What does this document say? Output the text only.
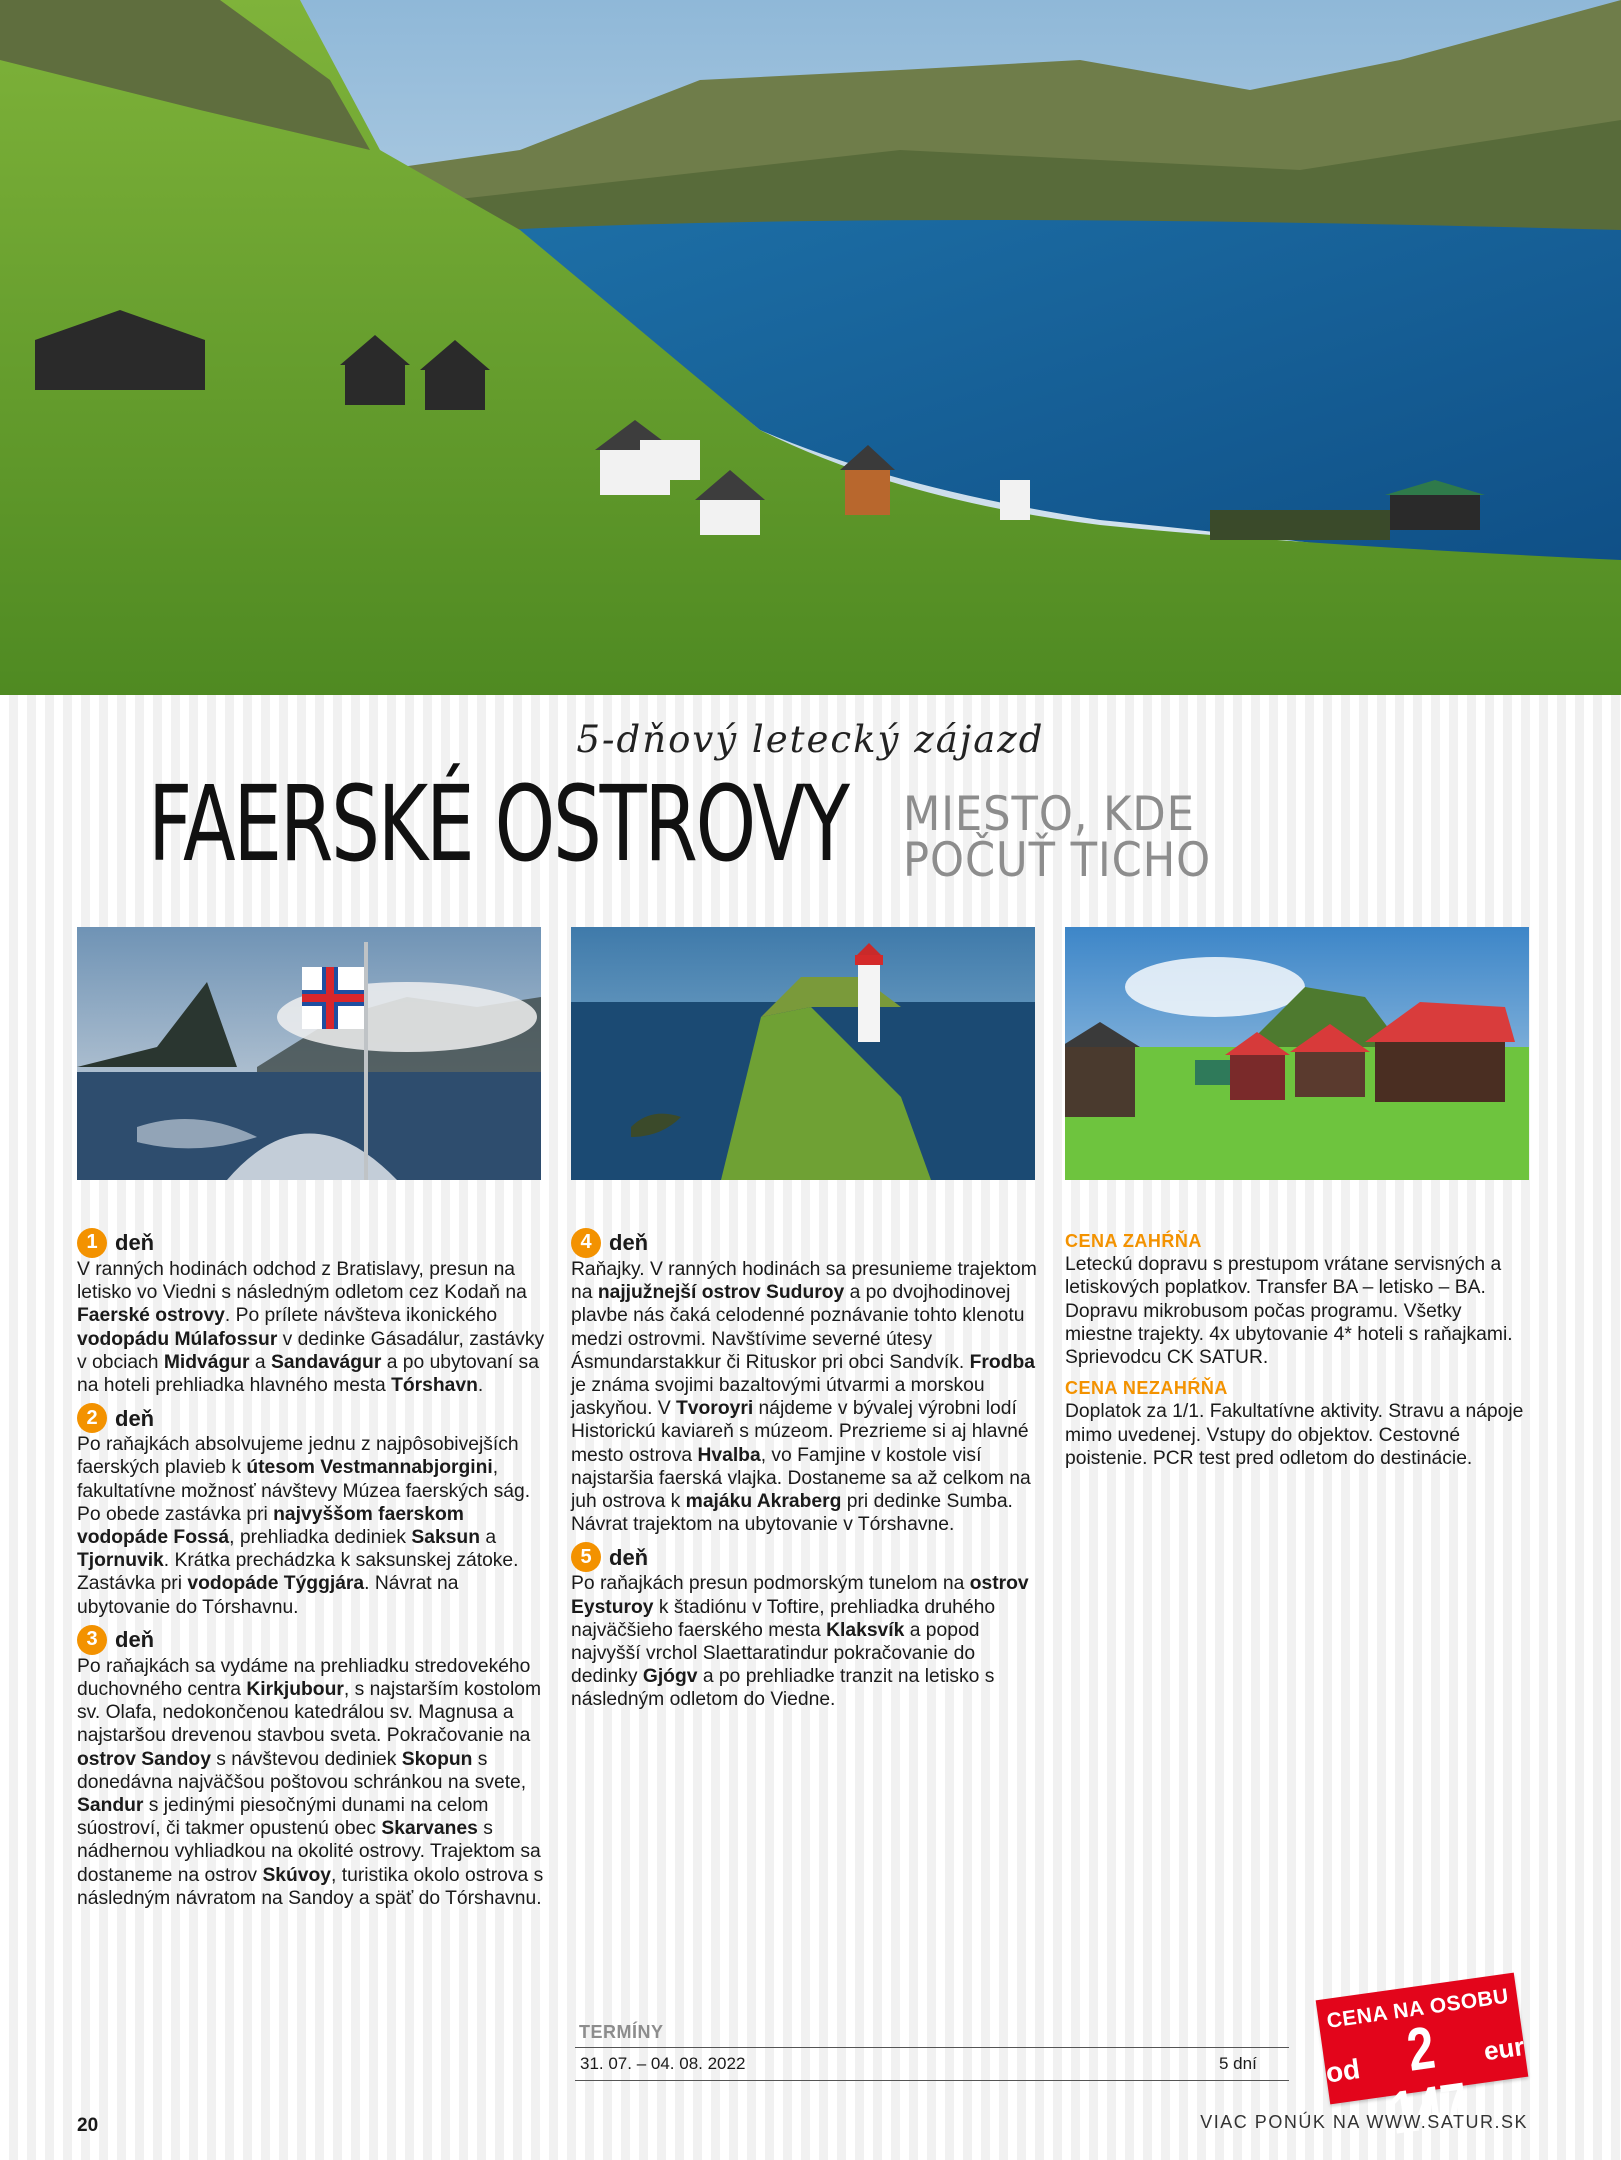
5-dňový letecký zájazd
FAERSKÉ OSTROVY MIESTO, KDE
POČUŤ TICHO
1 deň
V ranných hodinách odchod z Bratislavy, presun na letisko vo Viedni s následným odletom cez Kodaň na Faerské ostrovy. Po prílete návšteva ikonického vodopádu Múlafossur v dedinke Gásadálur, zastávky v obciach Midvágur a Sandavágur a po ubytovaní sa na hoteli prehliadka hlavného mesta Tórshavn.
2 deň
Po raňajkách absolvujeme jednu z najpôsobivejších faerských plavieb k útesom Vestmannabjorgini, fakultatívne možnosť návštevy Múzea faerských ság. Po obede zastávka pri najvyššom faerskom vodopáde Fossá, prehliadka dediniek Saksun a Tjornuvik. Krátka prechádzka k saksunskej zátoke. Zastávka pri vodopáde Týggjára. Návrat na ubytovanie do Tórshavnu.
3 deň
Po raňajkách sa vydáme na prehliadku stredovekého duchovného centra Kirkjubour, s najstarším kostolom sv. Olafa, nedokončenou katedrálou sv. Magnusa a najstaršou drevenou stavbou sveta. Pokračovanie na ostrov Sandoy s návštevou dediniek Skopun s donedávna najväčšou poštovou schránkou na svete, Sandur s jedinými piesočnými dunami na celom súostroví, či takmer opustenú obec Skarvanes s nádhernou vyhliadkou na okolité ostrovy. Trajektom sa dostaneme na ostrov Skúvoy, turistika okolo ostrova s následným návratom na Sandoy a späť do Tórshavnu.
4 deň
Raňajky. V ranných hodinách sa presunieme trajektom na najjužnejší ostrov Suduroy a po dvojhodinovej plavbe nás čaká celodenné poznávanie tohto klenotu medzi ostrovmi. Navštívime severné útesy Ásmundarstakkur či Rituskor pri obci Sandvík. Frodba je známa svojimi bazaltovými útvarmi a morskou jaskyňou. V Tvoroyri nájdeme v bývalej výrobni lodí Historickú kaviareň s múzeom. Prezrieme si aj hlavné mesto ostrova Hvalba, vo Famjine v kostole visí najstaršia faerská vlajka. Dostaneme sa až celkom na juh ostrova k majáku Akraberg pri dedinke Sumba. Návrat trajektom na ubytovanie v Tórshavne.
5 deň
Po raňajkách presun podmorským tunelom na ostrov Eysturoy k štadiónu v Toftire, prehliadka druhého najväčšieho faerského mesta Klaksvík a popod najvyšší vrchol Slaettaratindur pokračovanie do dedinky Gjógv a po prehliadke tranzit na letisko s následným odletom do Viedne.
CENA ZAHŔŇA
Leteckú dopravu s prestupom vrátane servisných a letiskových poplatkov. Transfer BA – letisko – BA. Dopravu mikrobusom počas programu. Všetky miestne trajekty. 4x ubytovanie 4* hoteli s raňajkami. Sprievodcu CK SATUR.
CENA NEZAHŔŇA
Doplatok za 1/1. Fakultatívne aktivity. Stravu a nápoje mimo uvedenej. Vstupy do objektov. Cestovné poistenie. PCR test pred odletom do destinácie.
TERMÍNY
31. 07. – 04. 08. 2022	5 dní
CENA NA OSOBU
od 2 147
eur
20	VIAC PONÚK NA WWW.SATUR.SK
